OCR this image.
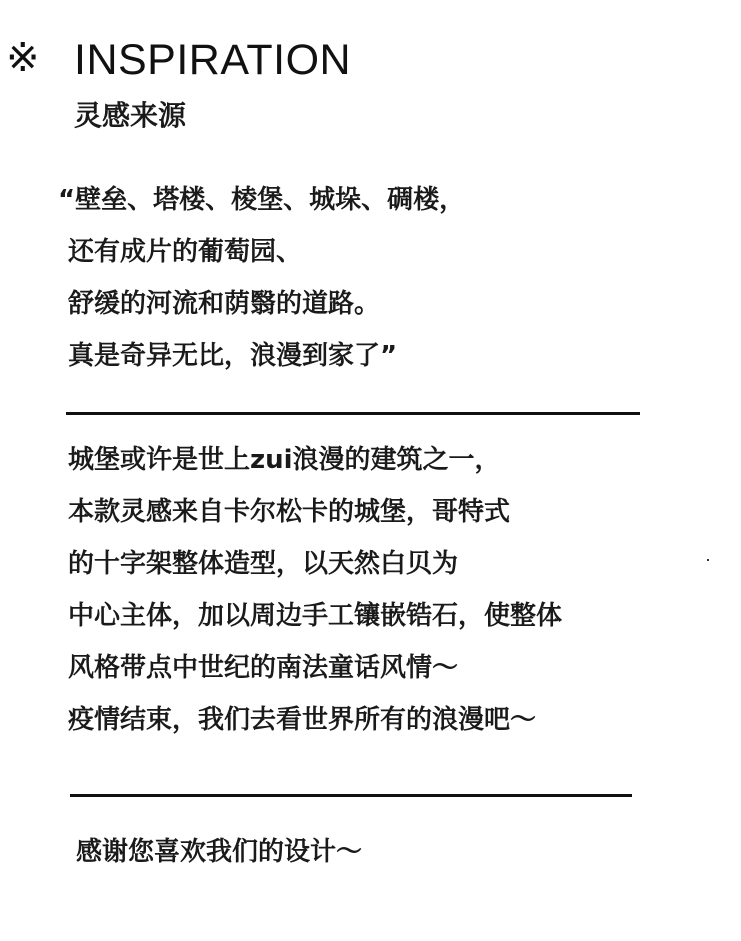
※ INSPIRATION
灵感来源
“壁垒、塔楼、棱堡、城垛、碉楼，
还有成片的葡萄园、
舒缓的河流和荫翳的道路。
真是奇异无比，浪漫到家了”
城堡或许是世上zui浪漫的建筑之一，
本款灵感来自卡尔松卡的城堡，哥特式
的十字架整体造型，以天然白贝为
中心主体，加以周边手工镶嵌锆石，使整体
风格带点中世纪的南法童话风情～
疫情结束，我们去看世界所有的浪漫吧～
感谢您喜欢我们的设计～
